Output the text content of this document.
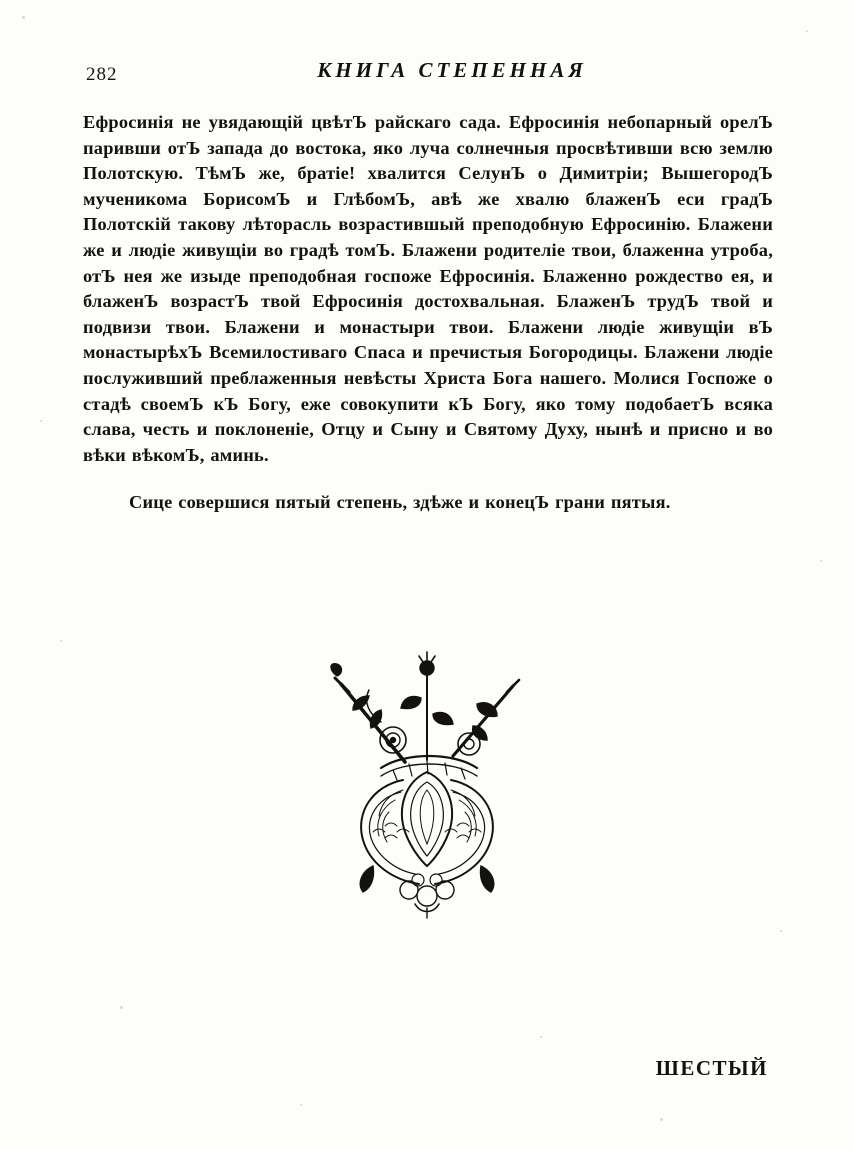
282	КНИГА СТЕПЕННАЯ

Ефросинія не увядающій цвѣтЪ райскаго сада. Ефросинія небопарный орелЪ паривши отЪ запада до востока, яко луча солнечныя просвѣтивши всю землю Полотскую. ТѣмЪ же, братіе! хвалится СелунЪ о Димитріи; ВышегородЪ мученикома БорисомЪ и ГлѣбомЪ, авѣ же хвалю блаженЪ еси градЪ Полотскій такову лѣторасль возрастившый преподобную Ефросинію. Блажени же и людіе живущіи во градѣ томЪ. Блажени родителіе твои, блаженна утроба, отЪ нея же изыде преподобная госпоже Ефросинія. Блаженно рождество ея, и блаженЪ возрастЪ твой Ефросинія достохвальная. БлаженЪ трудЪ твой и подвизи твои. Блажени и монастыри твои. Блажени людіе живущіи вЪ монастырѣхЪ Всемилостиваго Спаса и пречистыя Богородицы. Блажени людіе послуживший преблаженныя невѣсты Христа Бога нашего. Молися Госпоже о стадѣ своемЪ кЪ Богу, еже совокупити кЪ Богу, яко тому подобаетЪ всяка слава, честь и поклоненіе, Отцу и Сыну и Святому Духу, нынѣ и присно и во вѣки вѣкомЪ, аминь.

Сице совершися пятый степень, здѣже и конецЪ грани пятыя.

ШЕСТЫЙ
